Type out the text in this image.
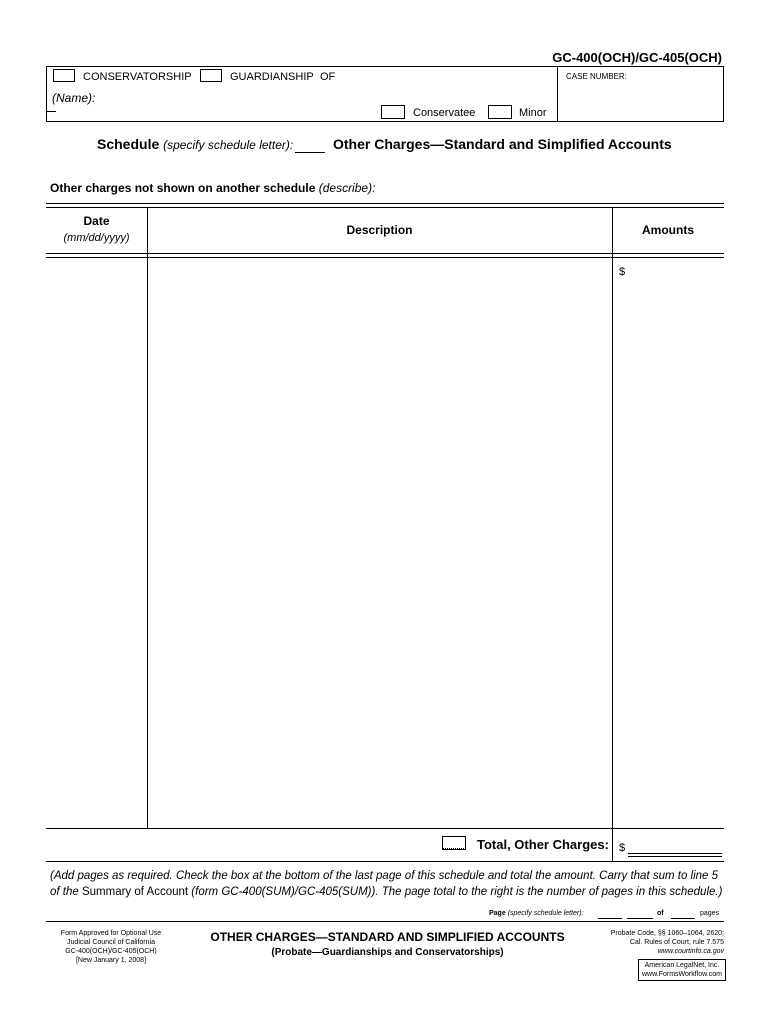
GC-400(OCH)/GC-405(OCH)
CONSERVATORSHIP	GUARDIANSHIP OF
(Name):
Conservatee	Minor
CASE NUMBER:
Schedule (specify schedule letter):	Other Charges—Standard and Simplified Accounts
Other charges not shown on another schedule (describe):
Date
(mm/dd/yyyy)
Description	Amounts
$
Total, Other Charges: $
(Add pages as required. Check the box at the bottom of the last page of this schedule and total the amount. Carry that sum to line 5
of the Summary of Account (form GC-400(SUM)/GC-405(SUM)). The page total to the right is the number of pages in this schedule.)
Page (specify schedule letter):	of	pages
Form Approved for Optional Use
Judicial Council of California
GC-400(OCH)/GC-405(OCH)
[New January 1, 2008]
OTHER CHARGES—STANDARD AND SIMPLIFIED ACCOUNTS
(Probate—Guardianships and Conservatorships)
Probate Code, §§ 1060–1064, 2620;
Cal. Rules of Court, rule 7.575
www.courtinfo.ca.gov
American LegalNet, Inc.
www.FormsWorkflow.com
